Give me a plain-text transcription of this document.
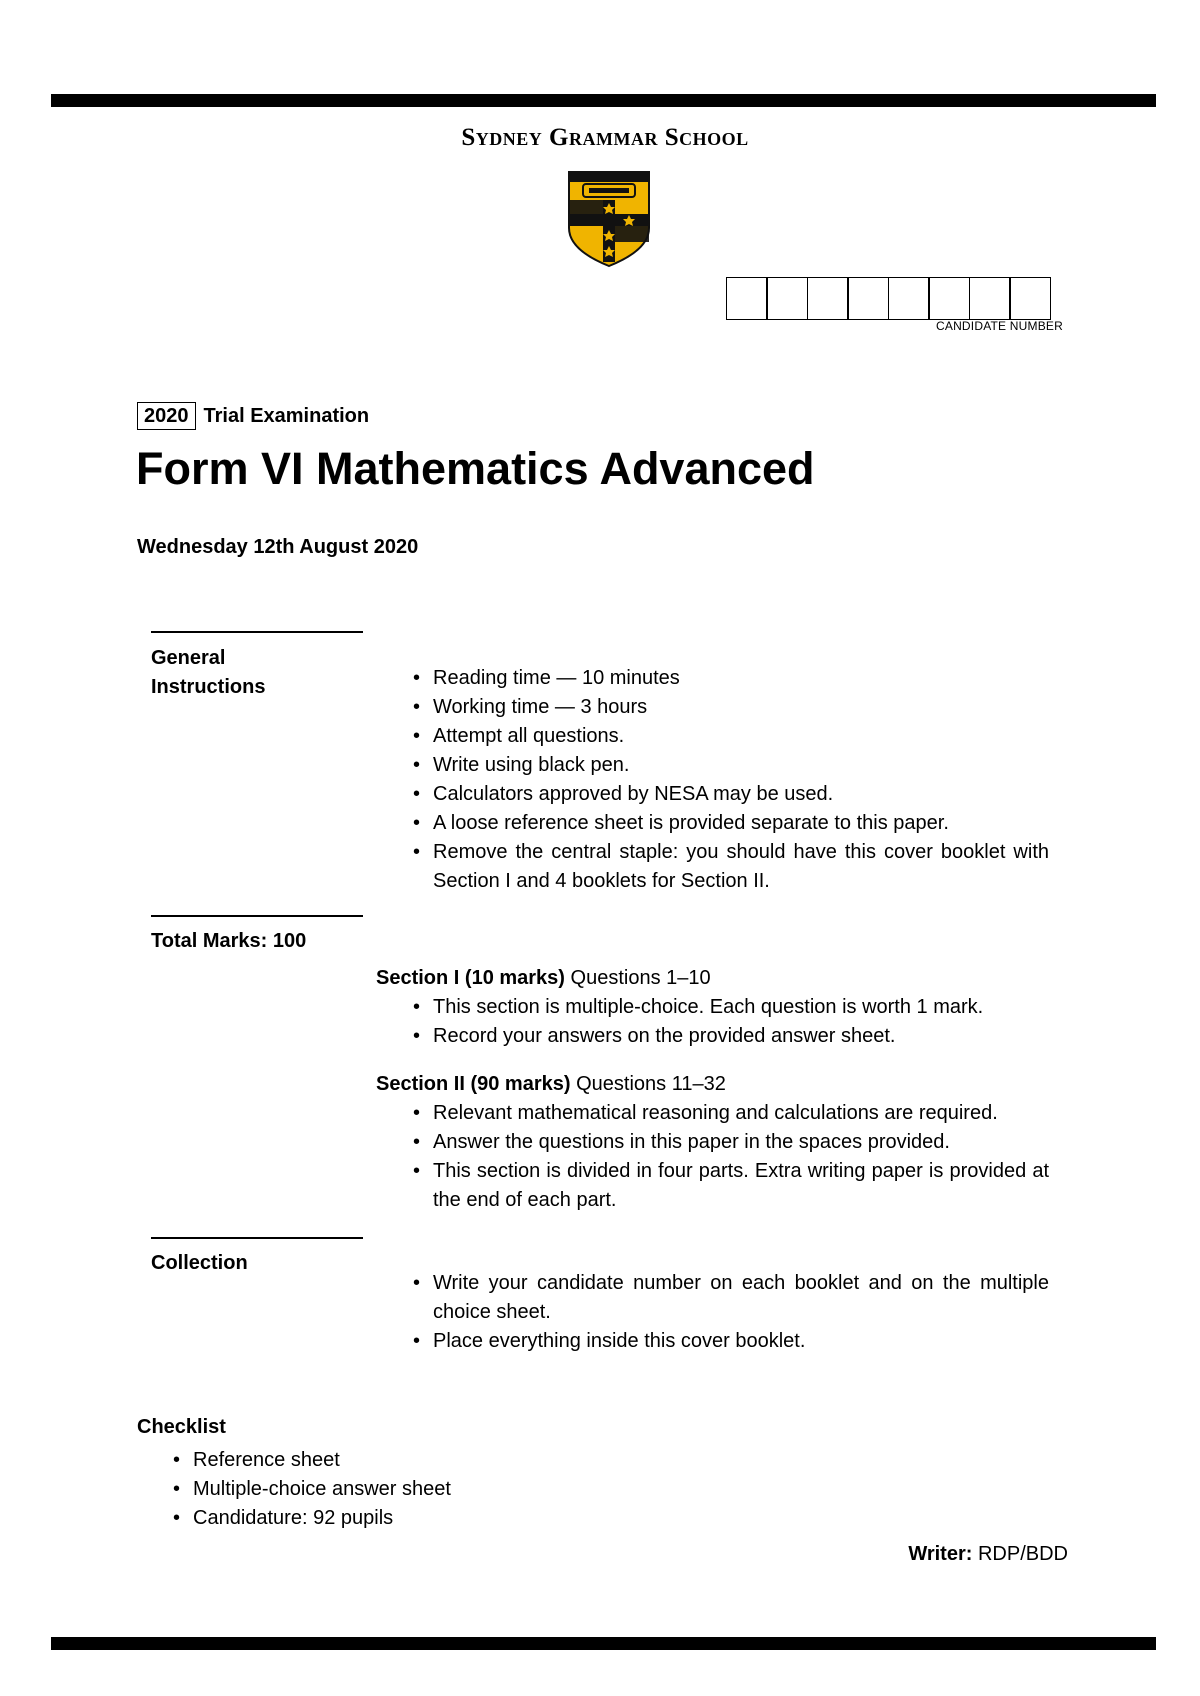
Sydney Grammar School
CANDIDATE NUMBER
2020 Trial Examination
Form VI Mathematics Advanced
Wednesday 12th August 2020
General
Instructions
•	Reading time — 10 minutes
• Working time — 3 hours
• Attempt all questions.
• Write using black pen.
• Calculators approved by NESA may be used.
• A loose reference sheet is provided separate to this paper.
• Remove the central staple: you should have this cover booklet with Section I and 4 booklets for Section II.
Total Marks: 100
Section I (10 marks) Questions 1–10
• This section is multiple-choice. Each question is worth 1 mark.
• Record your answers on the provided answer sheet.
Section II (90 marks) Questions 11–32
• Relevant mathematical reasoning and calculations are required.
• Answer the questions in this paper in the spaces provided.
• This section is divided in four parts. Extra writing paper is provided at the end of each part.
Collection
• Write your candidate number on each booklet and on the multiple choice sheet.
• Place everything inside this cover booklet.
Checklist
• Reference sheet
• Multiple-choice answer sheet
• Candidature: 92 pupils
Writer: RDP/BDD
